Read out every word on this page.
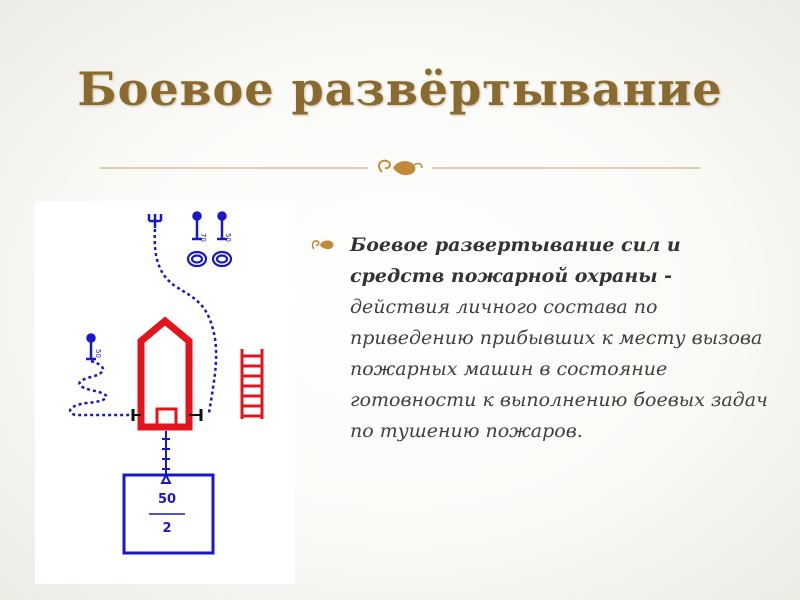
Боевое развёртывание
70 50
50
50
2
Боевое развертывание сил и средств пожарной охраны - действия личного состава по приведению прибывших к месту вызова пожарных машин в состояние готовности к выполнению боевых задач по тушению пожаров.
